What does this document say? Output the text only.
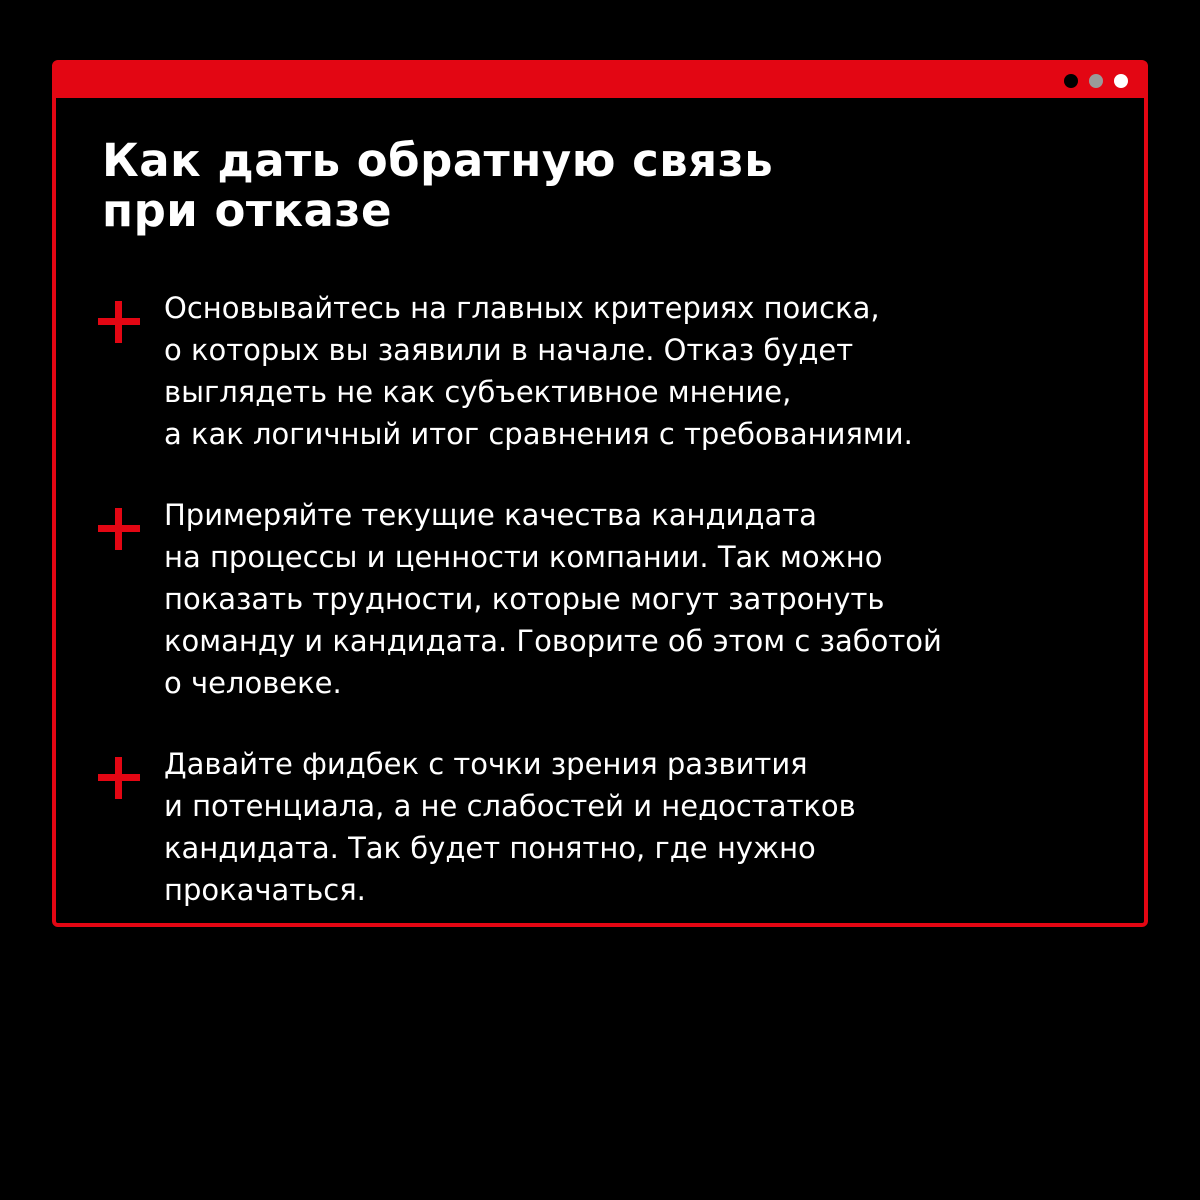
Как дать обратную связь
при отказе

Основывайтесь на главных критериях поиска,
о которых вы заявили в начале. Отказ будет
выглядеть не как субъективное мнение,
а как логичный итог сравнения с требованиями.

Примеряйте текущие качества кандидата
на процессы и ценности компании. Так можно
показать трудности, которые могут затронуть
команду и кандидата. Говорите об этом с заботой
о человеке.

Давайте фидбек с точки зрения развития
и потенциала, а не слабостей и недостатков
кандидата. Так будет понятно, где нужно
прокачаться.
